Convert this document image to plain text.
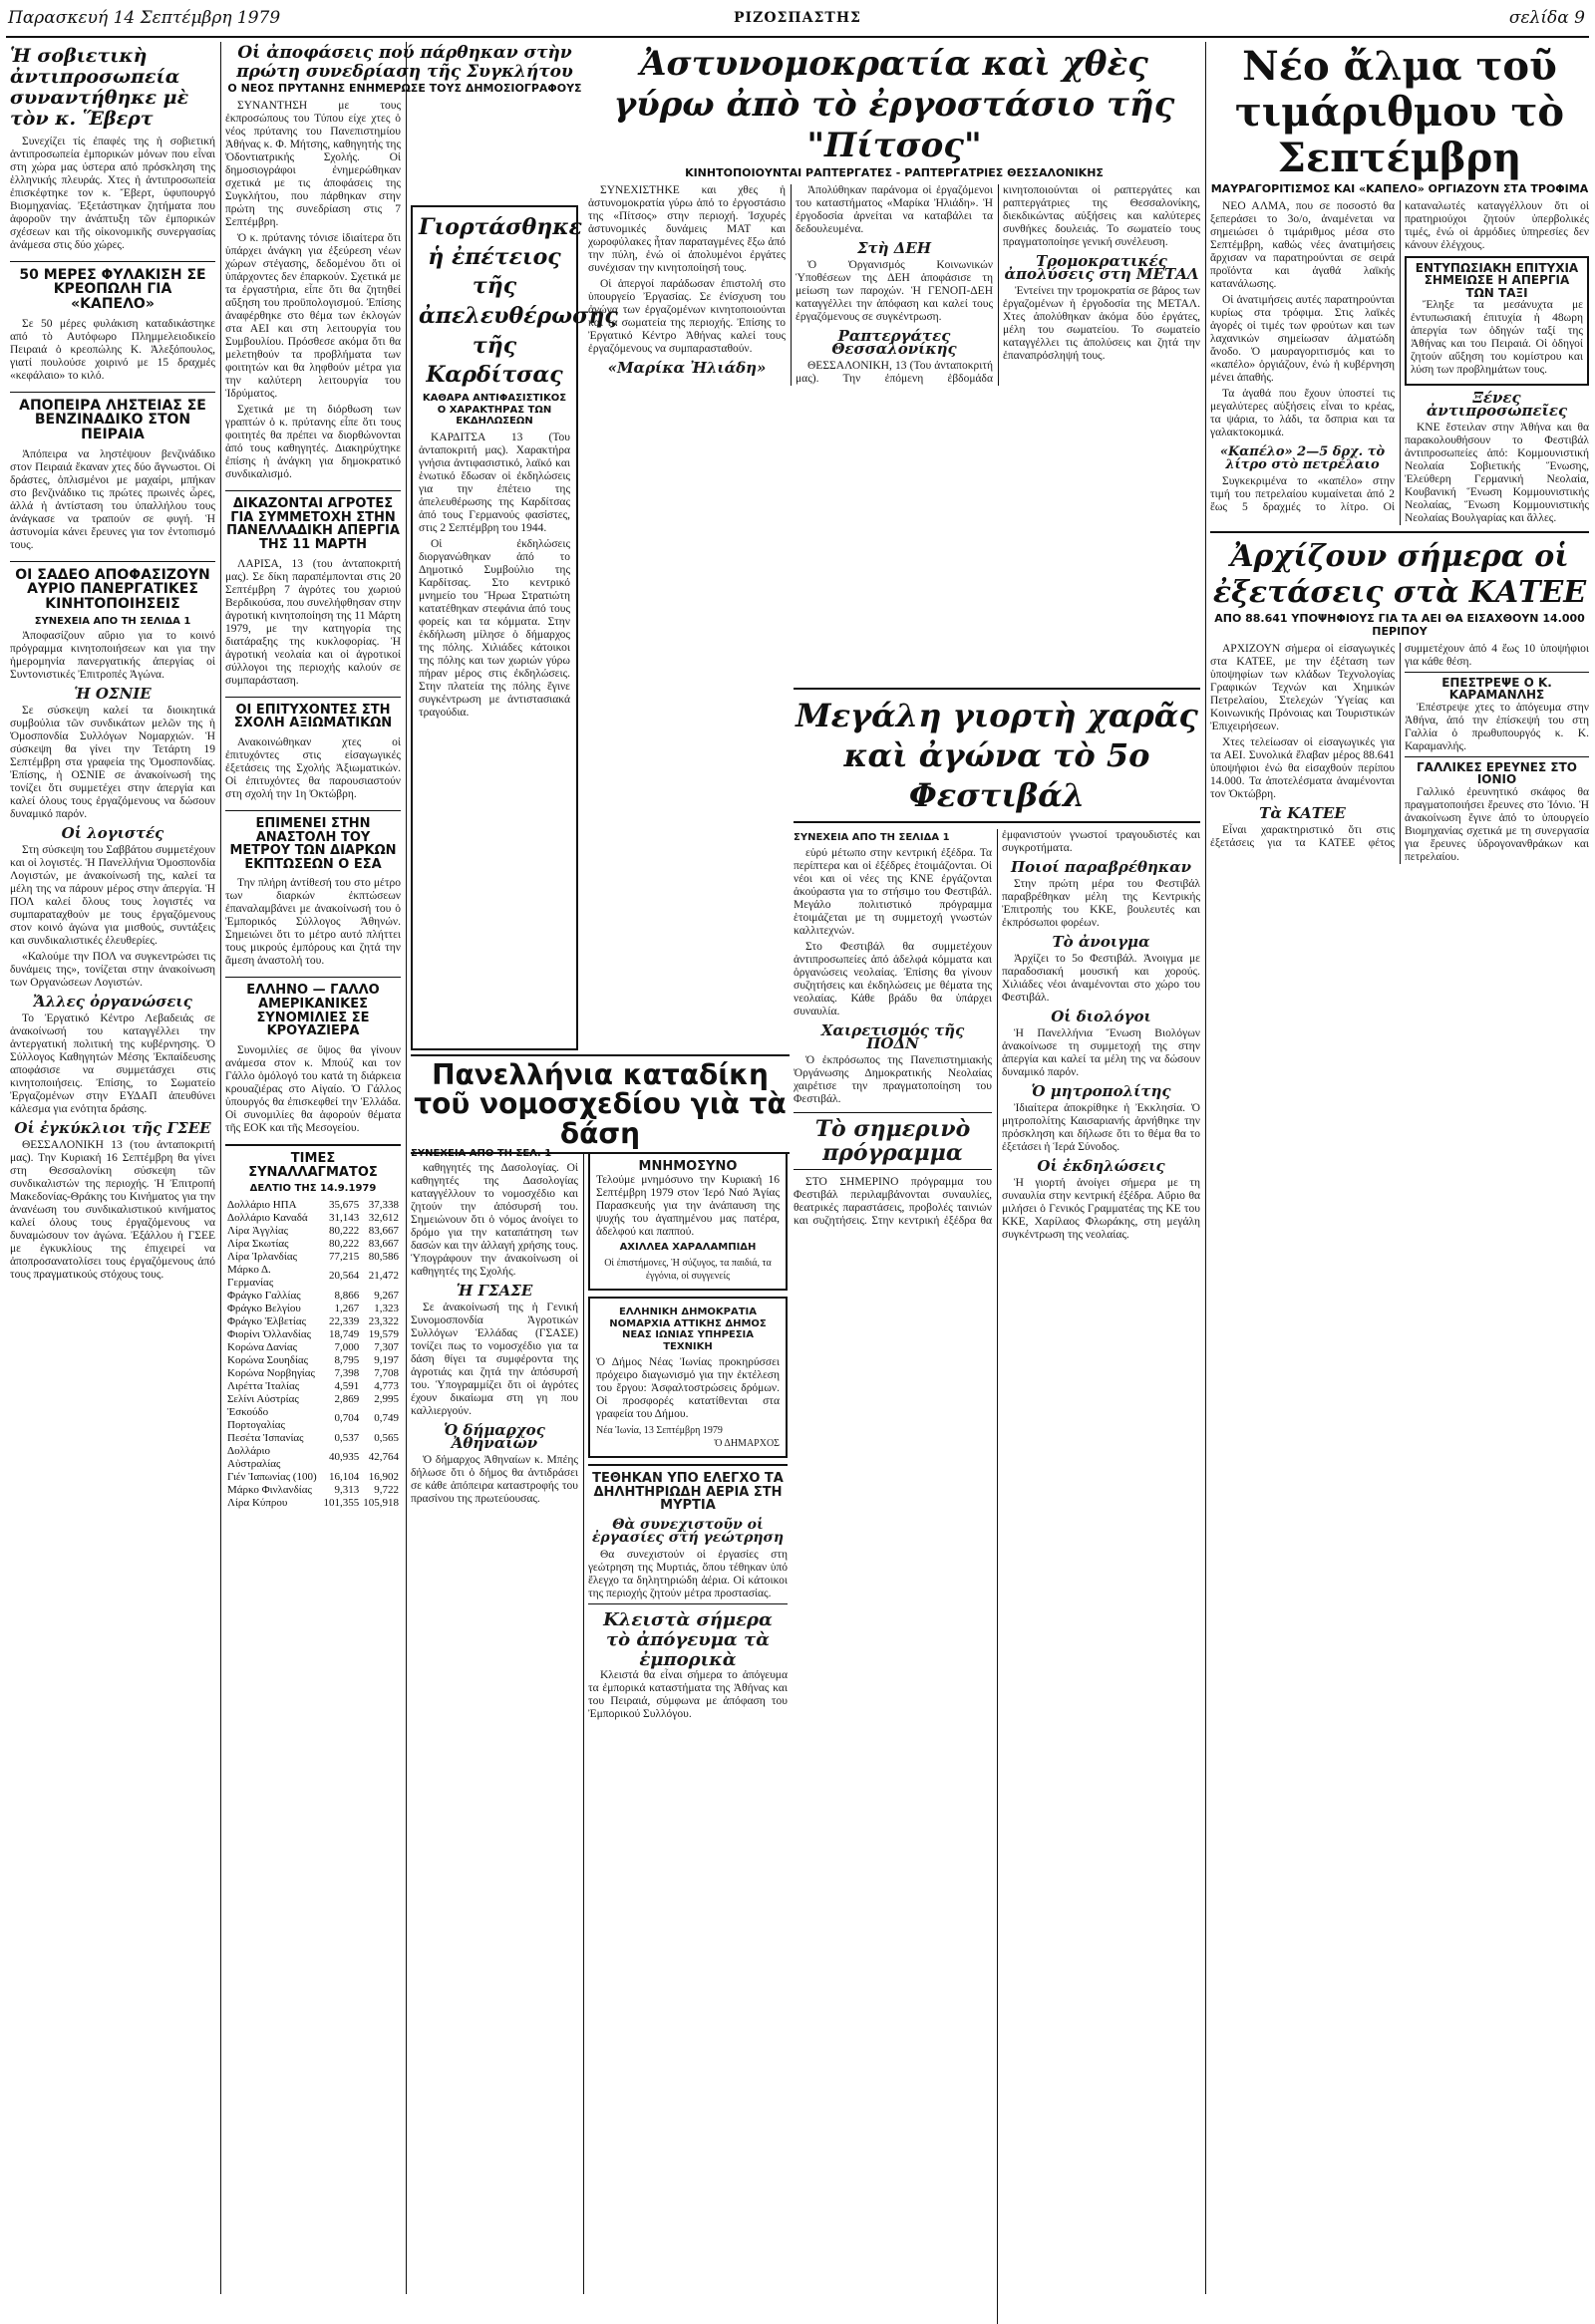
Παρασκευή 14 Σεπτέμβρη 1979	ΡΙΖΟΣΠΑΣΤΗΣ	σελίδα 9
Ἡ σοβιετικὴ ἀντιπροσωπεία συναντήθηκε μὲ τὸν κ. Ἕβερτ

Συνεχίζει τίς ἐπαφές της ἡ σοβιετική ἀντιπροσωπεία ἐμπορικών μόνων που εἶναι στη χώρα μας ύστερα από πρόσκληση της ἑλληνικής πλευράς. Χτες ἡ ἀντιπροσωπεία ἐπισκέφτηκε τον κ. Ἔβερτ, ὑφυπουργό Βιομηχανίας. Ἐξετάστηκαν ζητήματα που ἀφοροῦν την ἀνάπτυξη τῶν ἐμπορικών σχέσεων και τῆς οἰκονομικῆς συνεργασίας ἀνάμεσα στις δύο χώρες.

50 ΜΕΡΕΣ ΦΥΛΑΚΙΣΗ ΣΕ ΚΡΕΟΠΩΛΗ ΓΙΑ «ΚΑΠΕΛΟ»

Σε 50 μέρες φυλάκιση καταδικάστηκε από τὸ Αυτόφωρο Πλημμελειοδικείο Πειραιά ὁ κρεοπώλης Κ. Ἀλεξόπουλος, γιατί πουλούσε χοιρινό με 15 δραχμές «κεφάλαιο» το κιλό.

ΑΠΟΠΕΙΡΑ ΛΗΣΤΕΙΑΣ ΣΕ ΒΕΝΖΙΝΑΔΙΚΟ ΣΤΟΝ ΠΕΙΡΑΙΑ

Ἀπόπειρα να ληστέψουν βενζινάδικο στον Πειραιά ἔκαναν χτες δύο ἄγνωστοι. Οἱ δράστες, ὁπλισμένοι με μαχαίρι, μπήκαν στο βενζινάδικο τις πρώτες πρωινές ὧρες, ἀλλά ἡ ἀντίσταση του ὑπαλλήλου τους ἀνάγκασε να τραπούν σε φυγή. Ἡ ἀστυνομία κάνει ἔρευνες για τον ἐντοπισμό τους.

ΟΙ ΣΑΔΕΟ ΑΠΟΦΑΣΙΖΟΥΝ ΑΥΡΙΟ ΠΑΝΕΡΓΑΤΙΚΕΣ ΚΙΝΗΤΟΠΟΙΗΣΕΙΣ
ΣΥΝΕΧΕΙΑ ΑΠΟ ΤΗ ΣΕΛΙΔΑ 1

Ἀποφασίζουν αὔριο για το κοινό πρόγραμμα κινητοποιήσεων και για την ἡμερομηνία πανεργατικής ἀπεργίας οἱ Συντονιστικές Ἐπιτροπές Ἀγώνα.

Ἡ ΟΣΝΙΕ

Σε σύσκεψη καλεί τα διοικητικά συμβούλια τῶν συνδικάτων μελῶν της ἡ Ὁμοσπονδία Συλλόγων Νομαρχιών. Ἡ σύσκεψη θα γίνει την Τετάρτη 19 Σεπτέμβρη στα γραφεία της Ὁμοσπονδίας. Ἐπίσης, ἡ ΟΣΝΙΕ σε ἀνακοίνωσή της τονίζει ὅτι συμμετέχει στην ἀπεργία και καλεί όλους τους ἐργαζόμενους να δώσουν δυναμικό παρόν.

Οἱ λογιστές

Στη σύσκεψη του Σαββάτου συμμετέχουν και οἱ λογιστές. Ἡ Πανελλήνια Ὁμοσπονδία Λογιστών, με ἀνακοίνωσή της, καλεί τα μέλη της να πάρουν μέρος στην ἀπεργία. Ἡ ΠΟΛ καλεί ὅλους τους λογιστές να συμπαραταχθούν με τους ἐργαζόμενους στον κοινό ἀγώνα για μισθούς, συντάξεις και συνδικαλιστικές ἐλευθερίες.

«Καλούμε την ΠΟΛ να συγκεντρώσει τις δυνάμεις της», τονίζεται στην ἀνακοίνωση των Οργανώσεων Λογιστών.

Ἄλλες ὀργανώσεις

Το Ἐργατικό Κέντρο Λεβαδειάς σε ἀνακοίνωσή του καταγγέλλει την ἀντεργατική πολιτική της κυβέρνησης. Ὁ Σύλλογος Καθηγητών Μέσης Ἐκπαίδευσης αποφάσισε να συμμετάσχει στις κινητοποιήσεις. Ἐπίσης, το Σωματείο Ἐργαζομένων στην ΕΥΔΑΠ ἀπευθύνει κάλεσμα για ενότητα δράσης.

Οἱ ἐγκύκλιοι τῆς ΓΣΕΕ

ΘΕΣΣΑΛΟΝΙΚΗ 13 (του ἀνταποκριτή μας). Την Κυριακή 16 Σεπτέμβρη θα γίνει στη Θεσσαλονίκη σύσκεψη τῶν συνδικαλιστών της περιοχής. Ἡ Ἐπιτροπή Μακεδονίας-Θράκης του Κινήματος για την ἀνανέωση του συνδικαλιστικού κινήματος καλεί όλους τους ἐργαζόμενους να δυναμώσουν τον ἀγώνα. Ἐξάλλου ἡ ΓΣΕΕ με ἐγκυκλίους της ἐπιχειρεί να ἀποπροσανατολίσει τους ἐργαζόμενους ἀπό τους πραγματικούς στόχους τους.

Οἱ ἀποφάσεις πού πάρθηκαν στὴν πρώτη συνεδρίαση τῆς Συγκλήτου
Ο ΝΕΟΣ ΠΡΥΤΑΝΗΣ ΕΝΗΜΕΡΩΣΕ ΤΟΥΣ ΔΗΜΟΣΙΟΓΡΑΦΟΥΣ

ΣΥΝΑΝΤΗΣΗ με τους ἐκπροσώπους του Τύπου είχε χτες ὁ νέος πρύτανης του Πανεπιστημίου Ἀθήνας κ. Φ. Μήτσης, καθηγητής της Ὀδοντιατρικής Σχολής. Οἱ δημοσιογράφοι ἐνημερώθηκαν σχετικά με τις ἀποφάσεις της Συγκλήτου, που πάρθηκαν στην πρώτη της συνεδρίαση στις 7 Σεπτέμβρη.

Ὁ κ. πρύτανης τόνισε ἰδιαίτερα ὅτι ὑπάρχει ἀνάγκη για ἐξεύρεση νέων χώρων στέγασης, δεδομένου ὅτι οἱ ὑπάρχοντες δεν ἐπαρκούν. Σχετικά με τα ἐργαστήρια, εἶπε ὅτι θα ζητηθεί αὔξηση του προϋπολογισμού. Ἐπίσης ἀναφέρθηκε στο θέμα των ἐκλογών στα ΑΕΙ και στη λειτουργία του Συμβουλίου. Πρόσθεσε ακόμα ὅτι θα μελετηθούν τα προβλήματα των φοιτητών και θα ληφθούν μέτρα για την καλύτερη λειτουργία του Ἱδρύματος.

Σχετικά με τη διόρθωση των γραπτών ὁ κ. πρύτανης εἶπε ὅτι τους φοιτητές θα πρέπει να διορθώνονται ἀπό τους καθηγητές. Διακηρύχτηκε ἐπίσης ἡ ἀνάγκη για δημοκρατικό συνδικαλισμό.

ΔΙΚΑΖΟΝΤΑΙ ΑΓΡΟΤΕΣ ΓΙΑ ΣΥΜΜΕΤΟΧΗ ΣΤΗΝ ΠΑΝΕΛΛΑΔΙΚΗ ΑΠΕΡΓΙΑ ΤΗΣ 11 ΜΑΡΤΗ

ΛΑΡΙΣΑ, 13 (του ἀνταποκριτή μας). Σε δίκη παραπέμπονται στις 20 Σεπτέμβρη 7 ἀγρότες του χωριού Βερδικούσα, που συνελήφθησαν στην ἀγροτική κινητοποίηση της 11 Μάρτη 1979, με την κατηγορία της διατάραξης της κυκλοφορίας. Ἡ ἀγροτική νεολαία και οἱ ἀγροτικοί σύλλογοι της περιοχής καλούν σε συμπαράσταση.

ΟΙ ΕΠΙΤΥΧΟΝΤΕΣ ΣΤΗ ΣΧΟΛΗ ΑΞΙΩΜΑΤΙΚΩΝ

Ανακοινώθηκαν χτες οἱ ἐπιτυχόντες στις εἰσαγωγικές ἐξετάσεις της Σχολής Ἀξιωματικών. Οἱ ἐπιτυχόντες θα παρουσιαστούν στη σχολή την 1η Ὀκτώβρη.

ΕΠΙΜΕΝΕΙ ΣΤΗΝ ΑΝΑΣΤΟΛΗ ΤΟΥ ΜΕΤΡΟΥ ΤΩΝ ΔΙΑΡΚΩΝ ΕΚΠΤΩΣΕΩΝ Ο ΕΣΑ

Την πλήρη ἀντίθεσή του στο μέτρο των διαρκών ἐκπτώσεων ἐπαναλαμβάνει με ἀνακοίνωσή του ὁ Ἐμπορικός Σύλλογος Ἀθηνών. Σημειώνει ὅτι το μέτρο αυτό πλήττει τους μικρούς ἐμπόρους και ζητά την ἄμεση ἀναστολή του.

ΕΛΛΗΝΟ — ΓΑΛΛΟ ΑΜΕΡΙΚΑΝΙΚΕΣ ΣΥΝΟΜΙΛΙΕΣ ΣΕ ΚΡΟΥΑΖΙΕΡΑ

Συνομιλίες σε ὕψος θα γίνουν ανάμεσα στον κ. Μπούζ και τον Γάλλο ὁμόλογό του κατά τη διάρκεια κρουαζιέρας στο Αἰγαίο. Ὁ Γάλλος ὑπουργός θα ἐπισκεφθεί την Ἑλλάδα. Οἱ συνομιλίες θα ἀφορούν θέματα τῆς ΕΟΚ και τῆς Μεσογείου.

ΤΙΜΕΣ ΣΥΝΑΛΛΑΓΜΑΤΟΣ
ΔΕΛΤΙΟ ΤΗΣ 14.9.1979
Δολλάριο ΗΠΑ	35,675	37,338
Δολλάριο Καναδά	31,143	32,612
Λίρα Ἀγγλίας	80,222	83,667
Λίρα Σκωτίας	80,222	83,667
Λίρα Ἰρλανδίας	77,215	80,586
Μάρκο Δ. Γερμανίας	20,564	21,472
Φράγκο Γαλλίας	8,866	9,267
Φράγκο Βελγίου	1,267	1,323
Φράγκο Ἑλβετίας	22,339	23,322
Φιορίνι Ὁλλανδίας	18,749	19,579
Κορώνα Δανίας	7,000	7,307
Κορώνα Σουηδίας	8,795	9,197
Κορώνα Νορβηγίας	7,398	7,708
Λιρέττα Ἰταλίας	4,591	4,773
Σελίνι Αὐστρίας	2,869	2,995
Ἐσκούδο Πορτογαλίας	0,704	0,749
Πεσέτα Ἰσπανίας	0,537	0,565
Δολλάριο Αὐστραλίας	40,935	42,764
Γιέν Ἰαπωνίας (100)	16,104	16,902
Μάρκο Φινλανδίας	9,313	9,722
Λίρα Κύπρου	101,355	105,918
Γιορτάσθηκε ἡ ἐπέτειος τῆς ἀπελευθέρωσης τῆς Καρδίτσας
ΚΑΘΑΡΑ ΑΝΤΙΦΑΣΙΣΤΙΚΟΣ Ο ΧΑΡΑΚΤΗΡΑΣ ΤΩΝ ΕΚΔΗΛΩΣΕΩΝ

ΚΑΡΔΙΤΣΑ 13 (Του ἀνταποκριτή μας). Χαρακτήρα γνήσια ἀντιφασιστικό, λαϊκό και ἑνωτικό ἔδωσαν οἱ ἐκδηλώσεις για την ἐπέτειο της ἀπελευθέρωσης της Καρδίτσας ἀπό τους Γερμανούς φασίστες, στις 2 Σεπτέμβρη του 1944.

Οἱ ἐκδηλώσεις διοργανώθηκαν ἀπό το Δημοτικό Συμβούλιο της Καρδίτσας. Στο κεντρικό μνημείο του Ἥρωα Στρατιώτη κατατέθηκαν στεφάνια ἀπό τους φορείς και τα κόμματα. Στην ἐκδήλωση μίλησε ὁ δήμαρχος της πόλης. Χιλιάδες κάτοικοι της πόλης και των χωριών γύρω πήραν μέρος στις ἐκδηλώσεις. Στην πλατεία της πόλης ἔγινε συγκέντρωση με ἀντιστασιακά τραγούδια.

Πανελλήνια καταδίκη τοῦ νομοσχεδίου γιὰ τὰ δάση
ΣΥΝΕΧΕΙΑ ΑΠΟ ΤΗ ΣΕΛ. 1

καθηγητές της Δασολογίας. Οἱ καθηγητές της Δασολογίας καταγγέλλουν το νομοσχέδιο και ζητούν την ἀπόσυρσή του. Σημειώνουν ὅτι ὁ νόμος ἀνοίγει το δρόμο για την καταπάτηση των δασών και την ἀλλαγή χρήσης τους. Ὑπογράφουν την ἀνακοίνωση οἱ καθηγητές της Σχολής.

Ἡ ΓΣΑΣΕ

Σε ἀνακοίνωσή της ἡ Γενική Συνομοσπονδία Ἀγροτικών Συλλόγων Ἑλλάδας (ΓΣΑΣΕ) τονίζει πως το νομοσχέδιο για τα δάση θίγει τα συμφέροντα της ἀγροτιάς και ζητά την ἀπόσυρσή του. Ὑπογραμμίζει ὅτι οἱ ἀγρότες έχουν δικαίωμα στη γη που καλλιεργούν.

Ὁ δήμαρχος Ἀθηναίων

Ὁ δήμαρχος Ἀθηναίων κ. Μπέης δήλωσε ὅτι ὁ δήμος θα ἀντιδράσει σε κάθε ἀπόπειρα καταστροφής του πρασίνου της πρωτεύουσας.

Ἀστυνομοκρατία καὶ χθὲς γύρω ἀπὸ τὸ ἐργοστάσιο τῆς "Πίτσος"
ΚΙΝΗΤΟΠΟΙΟΥΝΤΑΙ ΡΑΠΤΕΡΓΑΤΕΣ - ΡΑΠΤΕΡΓΑΤΡΙΕΣ ΘΕΣΣΑΛΟΝΙΚΗΣ

ΣΥΝΕΧΙΣΤΗΚΕ και χθες ἡ ἀστυνομοκρατία γύρω ἀπό το ἐργοστάσιο της «Πίτσος» στην περιοχή. Ἰσχυρές ἀστυνομικές δυνάμεις ΜΑΤ και χωροφύλακες ἦταν παραταγμένες ἔξω ἀπό την πύλη, ἐνώ οἱ ἀπολυμένοι ἐργάτες συνέχισαν την κινητοποίησή τους.

Οἱ ἀπεργοί παράδωσαν ἐπιστολή στο ὑπουργείο Ἐργασίας. Σε ἐνίσχυση του ἀγώνα των ἐργαζομένων κινητοποιούνται και τα σωματεία της περιοχής. Ἐπίσης το Ἐργατικό Κέντρο Ἀθήνας καλεί τους ἐργαζόμενους να συμπαρασταθούν.

«Μαρίκα Ἠλιάδη»

Ἀπολύθηκαν παράνομα οἱ ἐργαζόμενοι του καταστήματος «Μαρίκα Ἠλιάδη». Ἡ ἐργοδοσία ἀρνείται να καταβάλει τα δεδουλευμένα.

Στὴ ΔΕΗ

Ὁ Ὀργανισμός Κοινωνικών Ὑποθέσεων της ΔΕΗ ἀποφάσισε τη μείωση των παροχών. Ἡ ΓΕΝΟΠ-ΔΕΗ καταγγέλλει την ἀπόφαση και καλεί τους ἐργαζόμενους σε συγκέντρωση.

Ραπτεργάτες Θεσσαλονίκης

ΘΕΣΣΑΛΟΝΙΚΗ, 13 (Του ἀνταποκριτή μας). Την ἐπόμενη ἑβδομάδα κινητοποιούνται οἱ ραπτεργάτες και ραπτεργάτριες της Θεσσαλονίκης, διεκδικώντας αὐξήσεις και καλύτερες συνθήκες δουλειάς. Το σωματείο τους πραγματοποίησε γενική συνέλευση.

Τρομοκρατικές ἀπολύσεις στη ΜΕΤΑΛ

Ἐντείνει την τρομοκρατία σε βάρος των ἐργαζομένων ἡ ἐργοδοσία της ΜΕΤΑΛ. Χτες ἀπολύθηκαν ἀκόμα δύο ἐργάτες, μέλη του σωματείου. Το σωματείο καταγγέλλει τις ἀπολύσεις και ζητά την ἐπαναπρόσληψή τους.

Μεγάλη γιορτὴ χαρᾶς καὶ ἀγώνα τὸ 5ο Φεστιβάλ
ΣΥΝΕΧΕΙΑ ΑΠΟ ΤΗ ΣΕΛΙΔΑ 1

εὐρύ μέτωπο στην κεντρική ἐξέδρα. Τα περίπτερα και οἱ ἐξέδρες ἑτοιμάζονται. Οἱ νέοι και οἱ νέες της ΚΝΕ ἐργάζονται ἀκούραστα για το στήσιμο του Φεστιβάλ. Μεγάλο πολιτιστικό πρόγραμμα ἑτοιμάζεται με τη συμμετοχή γνωστών καλλιτεχνών.

Στο Φεστιβάλ θα συμμετέχουν ἀντιπροσωπείες ἀπό ἀδελφά κόμματα και ὀργανώσεις νεολαίας. Ἐπίσης θα γίνουν συζητήσεις και ἐκδηλώσεις με θέματα της νεολαίας. Κάθε βράδυ θα ὑπάρχει συναυλία.

Χαιρετισμός τῆς ΠΟΔΝ

Ὁ ἐκπρόσωπος της Πανεπιστημιακής Ὀργάνωσης Δημοκρατικής Νεολαίας χαιρέτισε την πραγματοποίηση του Φεστιβάλ.

Τὸ σημερινὸ πρόγραμμα

ΣΤΟ ΣΗΜΕΡΙΝΟ πρόγραμμα του Φεστιβάλ περιλαμβάνονται συναυλίες, θεατρικές παραστάσεις, προβολές ταινιών και συζητήσεις. Στην κεντρική ἐξέδρα θα ἐμφανιστούν γνωστοί τραγουδιστές και συγκροτήματα.

Ποιοί παραβρέθηκαν

Στην πρώτη μέρα του Φεστιβάλ παραβρέθηκαν μέλη της Κεντρικής Ἐπιτροπής του ΚΚΕ, βουλευτές και ἐκπρόσωποι φορέων.

Τὸ ἀνοιγμα

Ἀρχίζει το 5ο Φεστιβάλ. Ἀνοιγμα με παραδοσιακή μουσική και χορούς. Χιλιάδες νέοι ἀναμένονται στο χώρο του Φεστιβάλ.

Οἱ διολόγοι

Ἡ Πανελλήνια Ἕνωση Βιολόγων ἀνακοίνωσε τη συμμετοχή της στην ἀπεργία και καλεί τα μέλη της να δώσουν δυναμικό παρόν.

Ὁ μητροπολίτης

Ἰδιαίτερα ἀποκρίθηκε ἡ Ἐκκλησία. Ὁ μητροπολίτης Καισαριανής ἀρνήθηκε την πρόσκληση και δήλωσε ὅτι το θέμα θα το ἐξετάσει ἡ Ἱερά Σύνοδος.

Οἱ ἐκδηλώσεις

Ἡ γιορτή ἀνοίγει σήμερα με τη συναυλία στην κεντρική ἐξέδρα. Αὔριο θα μιλήσει ὁ Γενικός Γραμματέας της ΚΕ του ΚΚΕ, Χαρίλαος Φλωράκης, στη μεγάλη συγκέντρωση της νεολαίας.

ΜΝΗΜΟΣΥΝΟ

Τελούμε μνημόσυνο την Κυριακή 16 Σεπτέμβρη 1979 στον Ἱερό Ναό Ἁγίας Παρασκευής για την ἀνάπαυση της ψυχής του ἀγαπημένου μας πατέρα, ἀδελφού και παππού.

ΑΧΙΛΛΕΑ ΧΑΡΑΛΑΜΠΙΔΗ
Οἱ ἐπιστήμονες, Ἡ σύζυγος, τα παιδιά, τα ἐγγόνια, οἱ συγγενείς
ΕΛΛΗΝΙΚΗ ΔΗΜΟΚΡΑΤΙΑ ΝΟΜΑΡΧΙΑ ΑΤΤΙΚΗΣ ΔΗΜΟΣ ΝΕΑΣ ΙΩΝΙΑΣ ΥΠΗΡΕΣΙΑ ΤΕΧΝΙΚΗ

Ὁ Δήμος Νέας Ἰωνίας προκηρύσσει πρόχειρο διαγωνισμό για την ἐκτέλεση του ἔργου: Ἀσφαλτοστρώσεις δρόμων. Οἱ προσφορές κατατίθενται στα γραφεία του Δήμου.

Νέα Ἰωνία, 13 Σεπτέμβρη 1979
Ὁ ΔΗΜΑΡΧΟΣ
ΤΕΘΗΚΑΝ ΥΠΟ ΕΛΕΓΧΟ ΤΑ ΔΗΛΗΤΗΡΙΩΔΗ ΑΕΡΙΑ ΣΤΗ ΜΥΡΤΙΑ
Θὰ συνεχιστοῦν οἱ ἐργασίες στή γεώτρηση

Θα συνεχιστούν οἱ ἐργασίες στη γεώτρηση της Μυρτιάς, ὅπου τέθηκαν ὑπό ἔλεγχο τα δηλητηριώδη ἀέρια. Οἱ κάτοικοι της περιοχής ζητούν μέτρα προστασίας.

Κλειστὰ σήμερα τὸ ἀπόγευμα τὰ ἐμπορικὰ

Κλειστά θα εἶναι σήμερα το ἀπόγευμα τα ἐμπορικά καταστήματα της Ἀθήνας και του Πειραιά, σύμφωνα με ἀπόφαση του Ἐμπορικού Συλλόγου.

Νέο ἄλμα τοῦ τιμάριθμου τὸ Σεπτέμβρη
ΜΑΥΡΑΓΟΡΙΤΙΣΜΟΣ ΚΑΙ «ΚΑΠΕΛΟ» ΟΡΓΙΑΖΟΥΝ ΣΤΑ ΤΡΟΦΙΜΑ

ΝΕΟ ΑΛΜΑ, που σε ποσοστό θα ξεπεράσει το 3ο/ο, ἀναμένεται να σημειώσει ὁ τιμάριθμος μέσα στο Σεπτέμβρη, καθώς νέες ἀνατιμήσεις ἄρχισαν να παρατηρούνται σε σειρά προϊόντα και ἀγαθά λαϊκής κατανάλωσης.

Οἱ ἀνατιμήσεις αυτές παρατηρούνται κυρίως στα τρόφιμα. Στις λαϊκές ἀγορές οἱ τιμές των φρούτων και των λαχανικών σημείωσαν ἀλματώδη ἄνοδο. Ὁ μαυραγοριτισμός και το «καπέλο» ὀργιάζουν, ἐνώ ἡ κυβέρνηση μένει ἀπαθής.

Τα ἀγαθά που ἔχουν ὑποστεί τις μεγαλύτερες αὐξήσεις εἶναι το κρέας, τα ψάρια, το λάδι, τα ὄσπρια και τα γαλακτοκομικά.

«Καπέλο» 2—5 δρχ. τὸ λίτρο στὸ πετρέλαιο

Συγκεκριμένα το «καπέλο» στην τιμή του πετρελαίου κυμαίνεται ἀπό 2 ἕως 5 δραχμές το λίτρο. Οἱ καταναλωτές καταγγέλλουν ὅτι οἱ πρατηριούχοι ζητούν ὑπερβολικές τιμές, ἐνώ οἱ ἀρμόδιες ὑπηρεσίες δεν κάνουν ἐλέγχους.

ΕΝΤΥΠΩΣΙΑΚΗ ΕΠΙΤΥΧΙΑ ΣΗΜΕΙΩΣΕ Η ΑΠΕΡΓΙΑ ΤΩΝ ΤΑΞΙ

Ἔληξε τα μεσάνυχτα με ἐντυπωσιακή ἐπιτυχία ἡ 48ωρη ἀπεργία των ὁδηγών ταξί της Ἀθήνας και του Πειραιά. Οἱ ὁδηγοί ζητούν αὔξηση του κομίστρου και λύση των προβλημάτων τους.

Ξένες ἀντιπροσωπεῖες

ΚΝΕ ἔστειλαν στην Ἀθήνα και θα παρακολουθήσουν το Φεστιβάλ ἀντιπροσωπείες ἀπό: Κομμουνιστική Νεολαία Σοβιετικής Ἕνωσης, Ἐλεύθερη Γερμανική Νεολαία, Κουβανική Ἕνωση Κομμουνιστικής Νεολαίας, Ἕνωση Κομμουνιστικής Νεολαίας Βουλγαρίας και ἄλλες.

Ἀρχίζουν σήμερα οἱ ἐξετάσεις στὰ ΚΑΤΕΕ
ΑΠΟ 88.641 ΥΠΟΨΗΦΙΟΥΣ ΓΙΑ ΤΑ ΑΕΙ ΘΑ ΕΙΣΑΧΘΟΥΝ 14.000 ΠΕΡΙΠΟΥ

ΑΡΧΙΖΟΥΝ σήμερα οἱ εἰσαγωγικές στα ΚΑΤΕΕ, με την ἐξέταση των ὑποψηφίων των κλάδων Τεχνολογίας Γραφικών Τεχνών και Χημικών Πετρελαίου, Στελεχών Ὑγείας και Κοινωνικής Πρόνοιας και Τουριστικών Ἐπιχειρήσεων.

Χτες τελείωσαν οἱ εἰσαγωγικές για τα ΑΕΙ. Συνολικά ἔλαβαν μέρος 88.641 ὑποψήφιοι ἐνώ θα εἰσαχθούν περίπου 14.000. Τα ἀποτελέσματα ἀναμένονται τον Ὀκτώβρη.

Τὰ ΚΑΤΕΕ

Εἶναι χαρακτηριστικό ὅτι στις ἐξετάσεις για τα ΚΑΤΕΕ φέτος συμμετέχουν ἀπό 4 ἕως 10 ὑποψήφιοι για κάθε θέση.

ΕΠΕΣΤΡΕΨΕ Ο Κ. ΚΑΡΑΜΑΝΛΗΣ

Ἐπέστρεψε χτες το ἀπόγευμα στην Ἀθήνα, ἀπό την ἐπίσκεψή του στη Γαλλία ὁ πρωθυπουργός κ. Κ. Καραμανλής.

ΓΑΛΛΙΚΕΣ ΕΡΕΥΝΕΣ ΣΤΟ ΙΟΝΙΟ

Γαλλικό ἐρευνητικό σκάφος θα πραγματοποιήσει ἔρευνες στο Ἰόνιο. Ἡ ἀνακοίνωση ἔγινε ἀπό το ὑπουργείο Βιομηχανίας σχετικά με τη συνεργασία για ἔρευνες ὑδρογονανθράκων και πετρελαίου.
